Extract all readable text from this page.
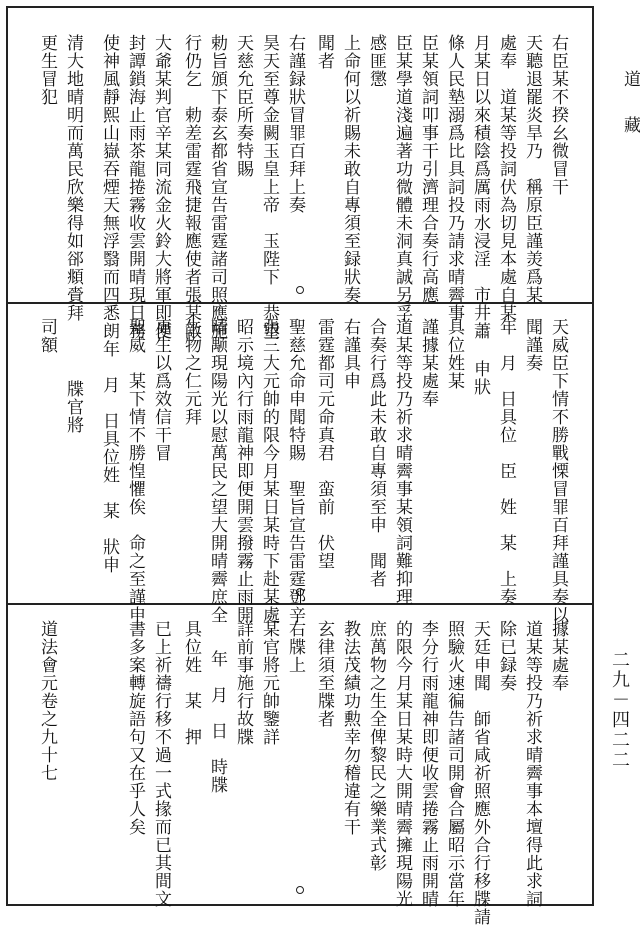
道　藏
二九－四二二
右臣某不揆幺微冒干
天聽退罷炎旱乃　稱原臣謹羙爲某
處奉　道某等投詞伏為切見本處自某
月某日以來積陰爲厲雨水浸淫　市井蕭
條人民墊溺爲比具詞投乃請求晴霽事
臣某領詞叩事干引濟理合奏行高應
臣某學道淺遍著功微體未洞真誠另孚
感匪懲
上命何以祈賜未敢自專須至録狀奏
聞者
右謹録狀冒罪百拜上奏
昊天至尊金闕玉皇上帝　玉陛下　恭望
天慈允臣所奏特賜
勅旨頒下泰玄都省宣告雷霆諸司照應施
行仍乞　勅差雷霆飛捷報應使者張某敵
大爺某判官辛某同流金火鈴大將軍即便
封譚鎖海止雨茶龍捲霧收雲開晴現日務
使神風靜熙山嶽吞煙天無浮翳而四悉朗
清大地晴明而萬民欣樂得如郤頫賫拜
更生冒犯
天威臣下情不勝戰慄冒罪百拜謹具奏以
聞謹奏
年　月　日具位　臣　姓　某　上奏
申狀
具位姓某
謹據某處奉
道某等投乃祈求晴霽事某領詞難抑理
合奏行爲此未敢自專須至申　聞者
右謹具申
雷霆都司元命真君　蛮前　伏望
聖慈允命申聞特賜　聖旨宣告雷霆鄧辛
張三大元帥的限今月某日某時下赴某處
昭示境內行雨龍神即便開雲撥霧止雨開
晴颙現陽光以慰萬民之望大開晴霽庶全
生物之仁元拜
更生以爲效信干冒
聖威　某下情不勝惶懼俟　命之至謹申
年　月　日具位姓　某　狀申
牒官將
司額
據某處奉
道某等投乃祈求晴霽事本壇得此求詞
除已録奏
天廷申聞　師省咸祈照應外合行移牒請
照驗火速徧告諸司開會合屬昭示當年
李分行雨龍神即便收雲捲霧止雨開晴
的限今月某日某時大開晴霽擁現陽光
庶萬物之生全俾黎民之樂業式彰
教法茂績功勲幸勿稽違有干
玄律須至牒者
右牒上
某官將元帥鑒詳
詳前事施行故牒
年　月　日　時牒
具位姓　某　押
已上祈禱行移不過一式掾而已其間文
書多案轉旋語句又在乎人矣
道法會元卷之九十七
